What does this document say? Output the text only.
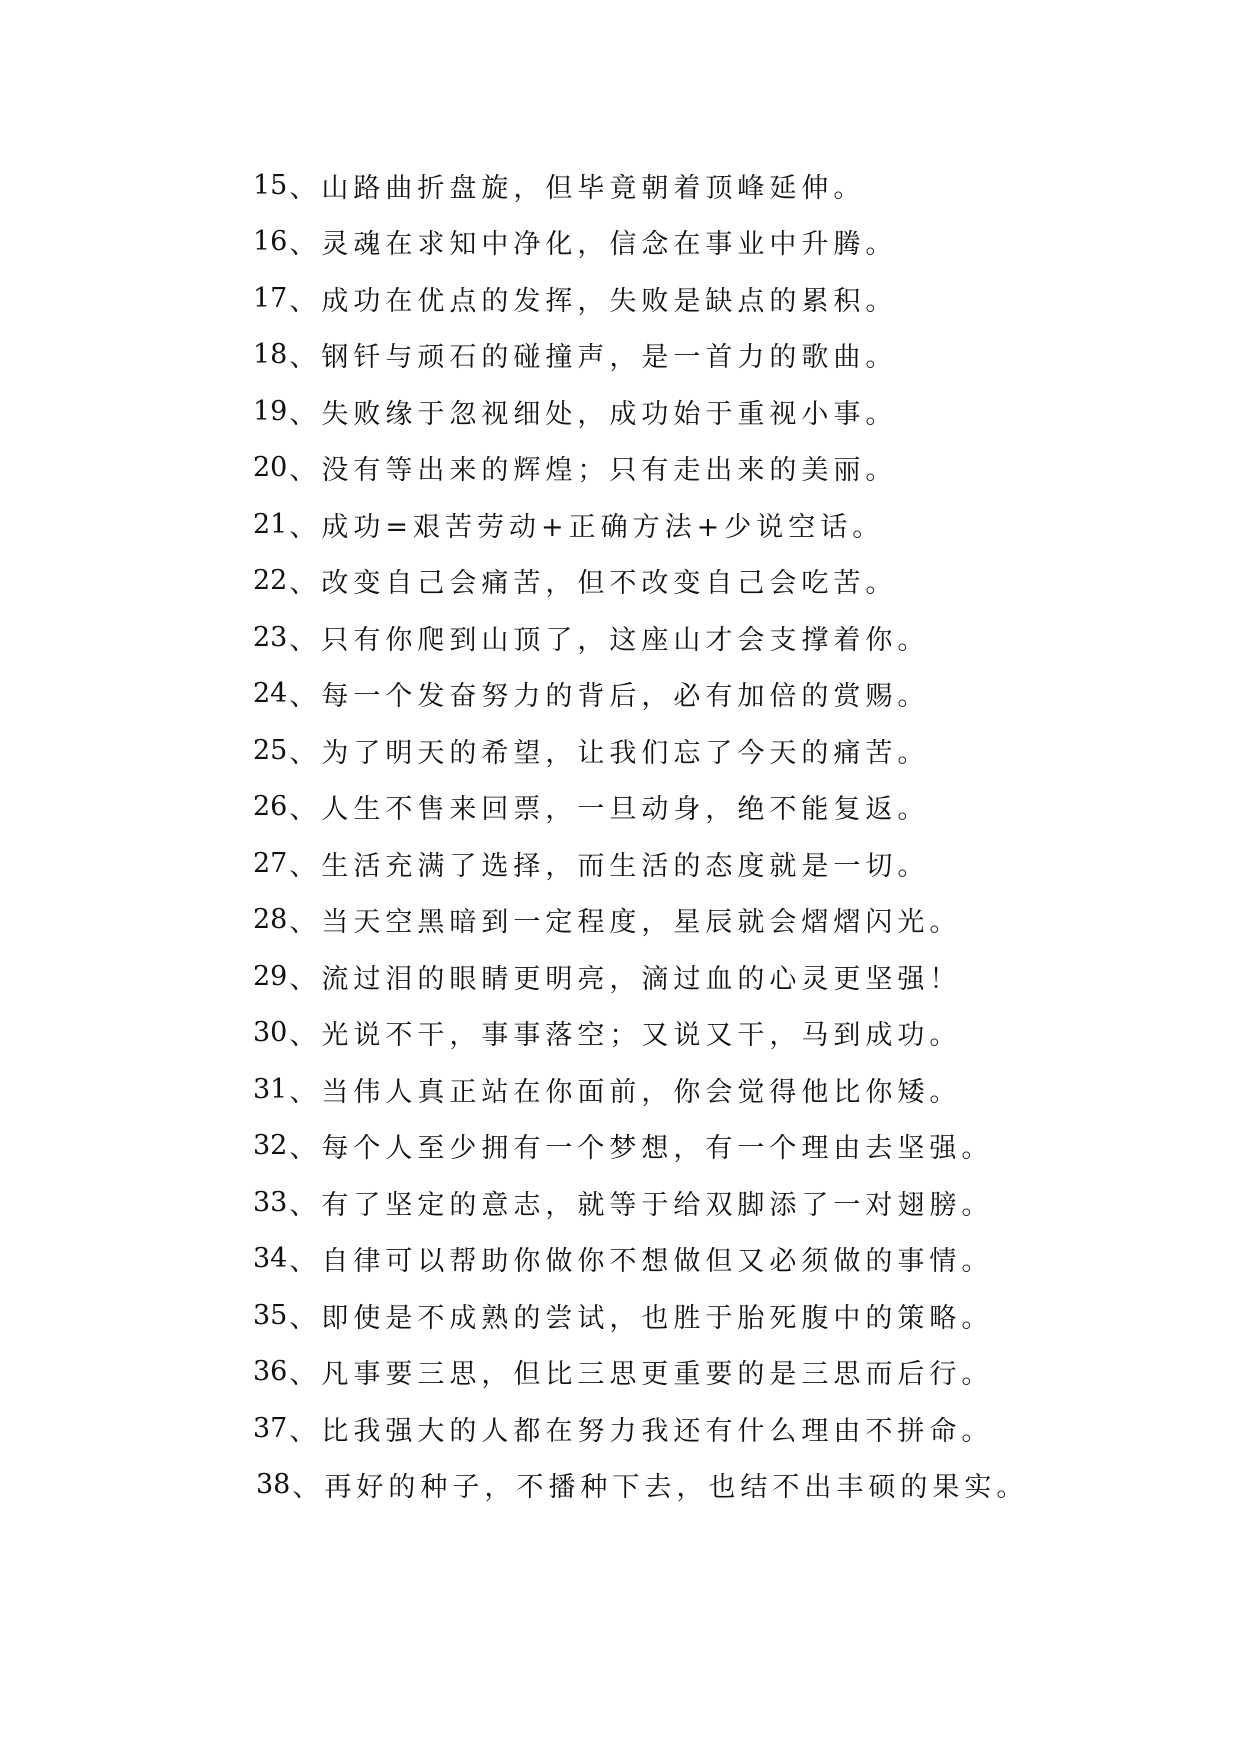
15 、 山路曲折盘旋，但毕竟朝着顶峰延伸。
16 、 灵魂在求知中净化，信念在事业中升腾。
17 、 成功在优点的发挥，失败是缺点的累积。
18 、 钢钎与顽石的碰撞声，是一首力的歌曲。
19 、 失败缘于忽视细处，成功始于重视小事。
20 、 没有等出来的辉煌；只有走出来的美丽。
21 、 成功=艰苦劳动+正确方法+少说空话。
22 、 改变自己会痛苦，但不改变自己会吃苦。
23 、 只有你爬到山顶了，这座山才会支撑着你。
24 、 每一个发奋努力的背后，必有加倍的赏赐。
25 、 为了明天的希望，让我们忘了今天的痛苦。
26 、 人生不售来回票，一旦动身，绝不能复返。
27 、 生活充满了选择，而生活的态度就是一切。
28 、 当天空黑暗到一定程度，星辰就会熠熠闪光。
29 、 流过泪的眼睛更明亮，滴过血的心灵更坚强！
30 、 光说不干，事事落空；又说又干，马到成功。
31 、 当伟人真正站在你面前，你会觉得他比你矮。
32 、 每个人至少拥有一个梦想，有一个理由去坚强。
33 、 有了坚定的意志，就等于给双脚添了一对翅膀。
34 、 自律可以帮助你做你不想做但又必须做的事情。
35 、 即使是不成熟的尝试，也胜于胎死腹中的策略。
36 、 凡事要三思，但比三思更重要的是三思而后行。
37 、 比我强大的人都在努力我还有什么理由不拼命。
38 、 再好的种子，不播种下去，也结不出丰硕的果实。
